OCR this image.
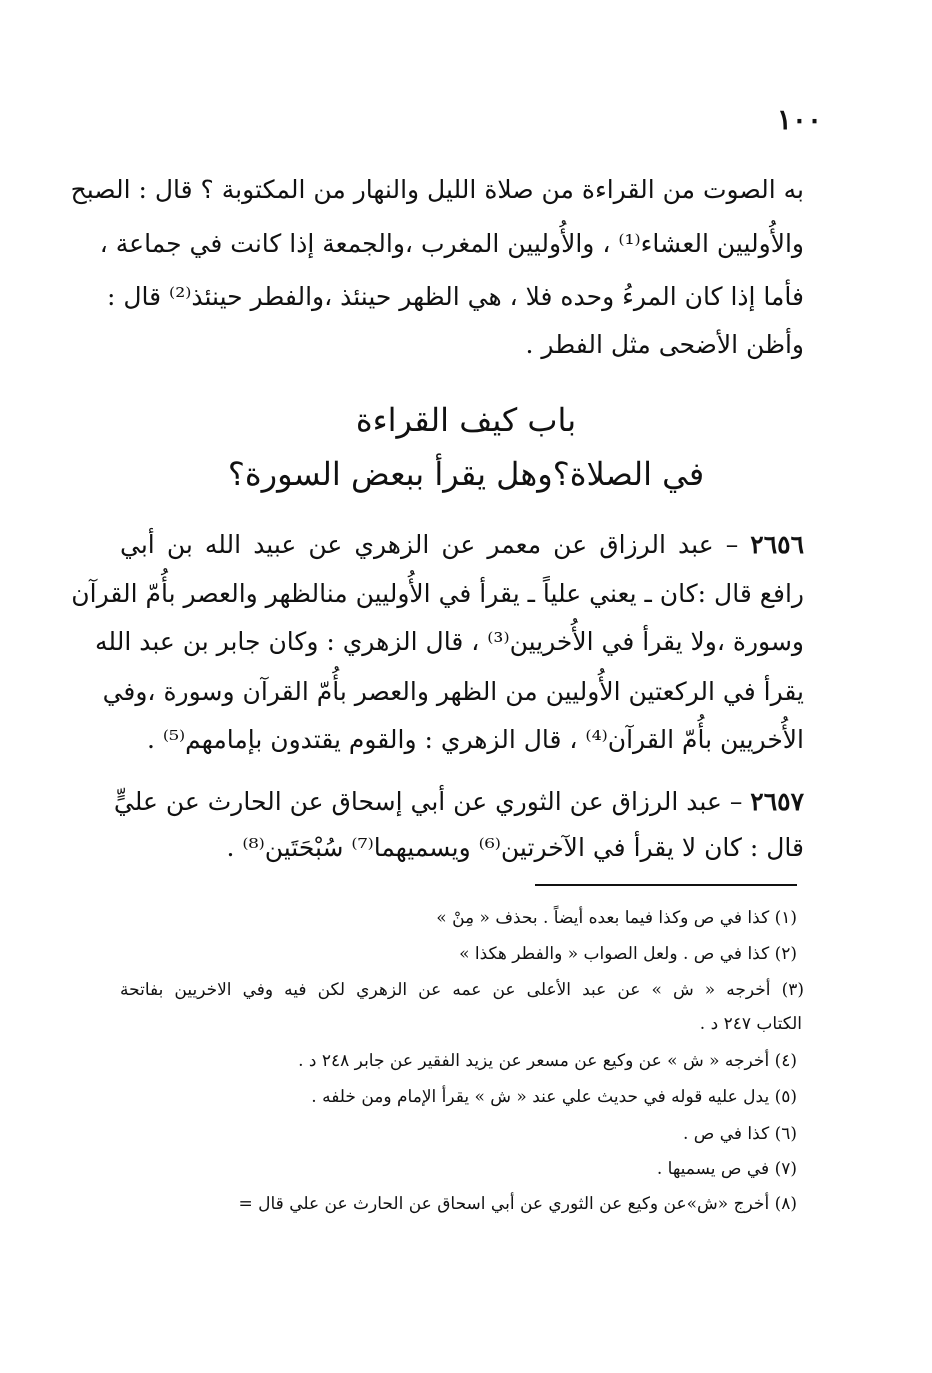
١٠٠
به الصوت من القراءة من صلاة الليل والنهار من المكتوبة ؟ قال : الصبح
والأُوليين العشاء⁽¹⁾ ، والأُوليين المغرب ،والجمعة إذا كانت في جماعة ،
فأما إذا كان المرءُ وحده فلا ، هي الظهر حينئذ ،والفطر حينئذ⁽²⁾ قال :
وأظن الأضحى مثل الفطر .
باب كيف القراءة
في الصلاة؟وهل يقرأ ببعض السورة؟
٢٦٥٦ – عبد الرزاق عن معمر عن الزهري عن عبيد الله بن أبي
رافع قال :كان ـ يعني علياً ـ يقرأ في الأُوليين منالظهر والعصر بأُمّ القرآن
وسورة ،ولا يقرأ في الأُخريين⁽³⁾ ، قال الزهري : وكان جابر بن عبد الله
يقرأ في الركعتين الأُوليين من الظهر والعصر بأُمّ القرآن وسورة ،وفي
الأُخريين بأُمّ القرآن⁽⁴⁾ ، قال الزهري : والقوم يقتدون بإمامهم⁽⁵⁾ .
٢٦٥٧ – عبد الرزاق عن الثوري عن أبي إسحاق عن الحارث عن عليٍّ
قال : كان لا يقرأ في الآخرتين⁽⁶⁾ ويسميهما⁽⁷⁾ سُبْحَتَين⁽⁸⁾ .
(١) كذا في ص وكذا فيما بعده أيضاً . بحذف « مِنْ »
(٢) كذا في ص . ولعل الصواب « والفطر هكذا »
(٣) أخرجه « ش » عن عبد الأعلى عن عمه عن الزهري لكن فيه وفي الاخريين بفاتحة
الكتاب ٢٤٧ د .
(٤) أخرجه « ش » عن وكيع عن مسعر عن يزيد الفقير عن جابر ٢٤٨ د .
(٥) يدل عليه قوله في حديث علي عند « ش » يقرأ الإمام ومن خلفه .
(٦) كذا في ص .
(٧) في ص يسميها .
(٨) أخرج «ش»عن وكيع عن الثوري عن أبي اسحاق عن الحارث عن علي قال =
